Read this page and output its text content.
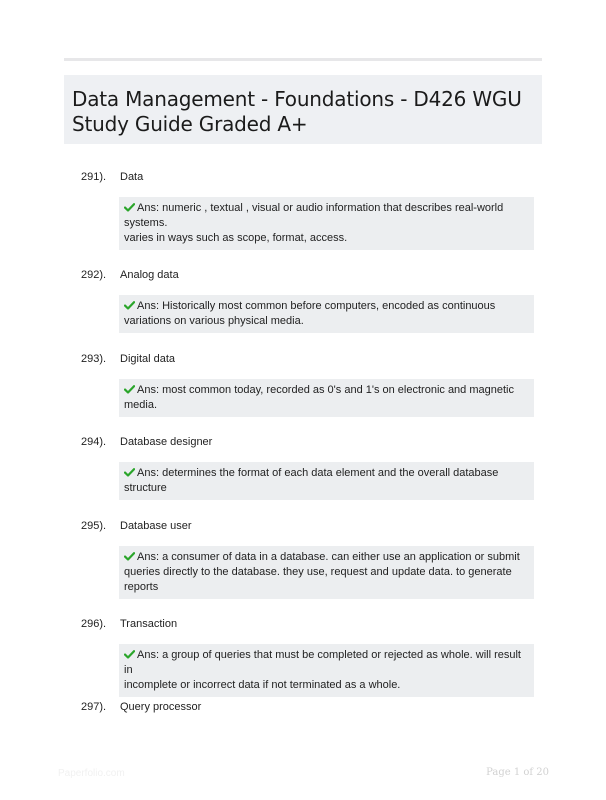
Data Management - Foundations - D426 WGU
Study Guide Graded A+
291). Data
Ans: numeric , textual , visual or audio information that describes real-world
systems.
varies in ways such as scope, format, access.
292). Analog data
Ans: Historically most common before computers, encoded as continuous
variations on various physical media.
293). Digital data
Ans: most common today, recorded as 0's and 1's on electronic and magnetic
media.
294). Database designer
Ans: determines the format of each data element and the overall database
structure
295). Database user
Ans: a consumer of data in a database. can either use an application or submit
queries directly to the database. they use, request and update data. to generate
reports
296). Transaction
Ans: a group of queries that must be completed or rejected as whole. will result in
incomplete or incorrect data if not terminated as a whole.
297). Query processor
Paperfolio.com	Page 1 of 20
